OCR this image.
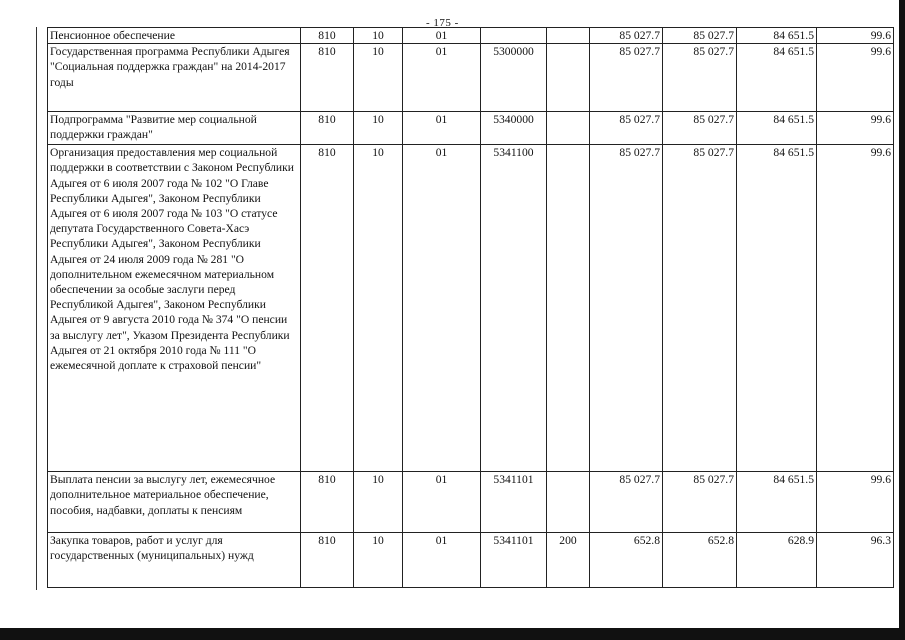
- 175 -
Пенсионное обеспечение	810	10	01			85 027.7	85 027.7	84 651.5	99.6
Государственная программа Республики Адыгея "Социальная поддержка граждан" на 2014-2017 годы	810	10	01	5300000		85 027.7	85 027.7	84 651.5	99.6
Подпрограмма "Развитие мер социальной поддержки граждан"	810	10	01	5340000		85 027.7	85 027.7	84 651.5	99.6
Организация предоставления мер социальной поддержки в соответствии с Законом Республики Адыгея от 6 июля 2007 года № 102 "О Главе Республики Адыгея", Законом Республики Адыгея от 6 июля 2007 года № 103 "О статусе депутата Государственного Совета-Хасэ Республики Адыгея", Законом Республики Адыгея от 24 июля 2009 года № 281 "О дополнительном ежемесячном материальном обеспечении за особые заслуги перед Республикой Адыгея", Законом Республики Адыгея от 9 августа 2010 года № 374 "О пенсии за выслугу лет", Указом Президента Республики Адыгея от 21 октября 2010 года № 111 "О ежемесячной доплате к страховой пенсии"	810	10	01	5341100		85 027.7	85 027.7	84 651.5	99.6
Выплата пенсии за выслугу лет, ежемесячное дополнительное материальное обеспечение, пособия, надбавки, доплаты к пенсиям	810	10	01	5341101		85 027.7	85 027.7	84 651.5	99.6
Закупка товаров, работ и услуг для государственных (муниципальных) нужд	810	10	01	5341101	200	652.8	652.8	628.9	96.3
